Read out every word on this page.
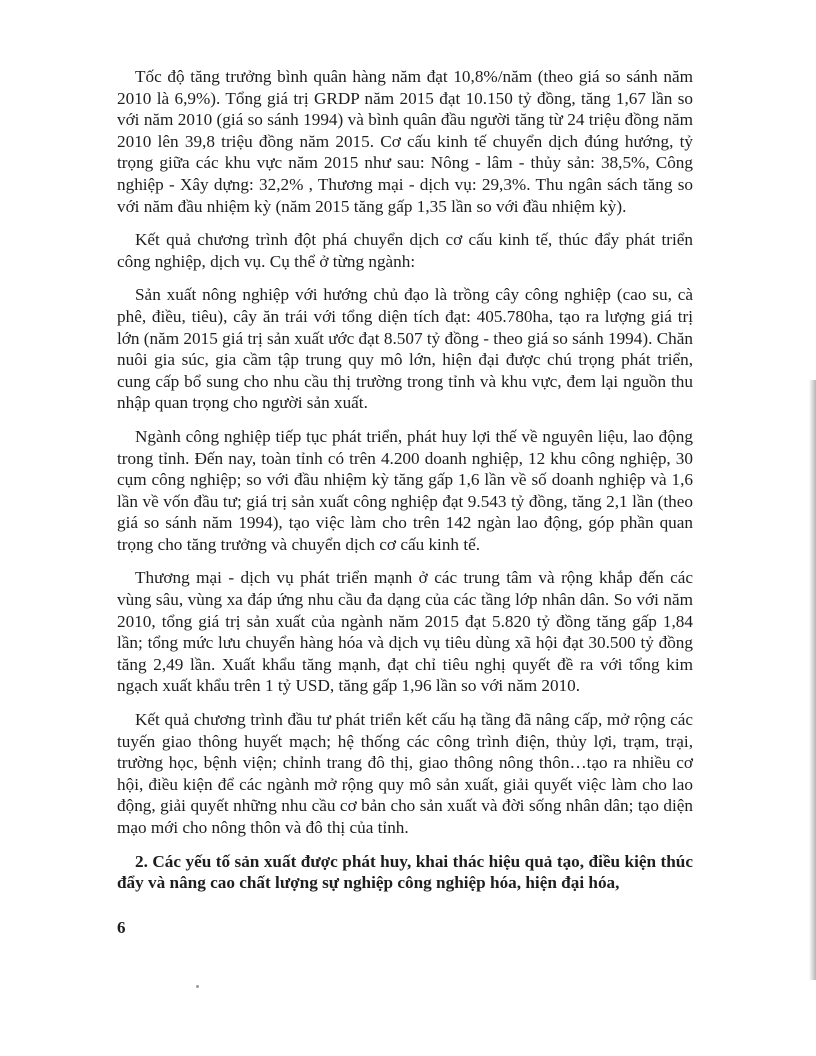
Tốc độ tăng trưởng bình quân hàng năm đạt 10,8%/năm (theo giá so sánh năm 2010 là 6,9%). Tổng giá trị GRDP năm 2015 đạt 10.150 tỷ đồng, tăng 1,67 lần so với năm 2010 (giá so sánh 1994) và bình quân đầu người tăng từ 24 triệu đồng năm 2010 lên 39,8 triệu đồng năm 2015. Cơ cấu kinh tế chuyển dịch đúng hướng, tỷ trọng giữa các khu vực năm 2015 như sau: Nông - lâm - thủy sản: 38,5%, Công nghiệp - Xây dựng: 32,2% , Thương mại - dịch vụ: 29,3%. Thu ngân sách tăng so với năm đầu nhiệm kỳ (năm 2015 tăng gấp 1,35 lần so với đầu nhiệm kỳ).

Kết quả chương trình đột phá chuyển dịch cơ cấu kinh tế, thúc đẩy phát triển công nghiệp, dịch vụ. Cụ thể ở từng ngành:

Sản xuất nông nghiệp với hướng chủ đạo là trồng cây công nghiệp (cao su, cà phê, điều, tiêu), cây ăn trái với tổng diện tích đạt: 405.780ha, tạo ra lượng giá trị lớn (năm 2015 giá trị sản xuất ước đạt 8.507 tỷ đồng - theo giá so sánh 1994). Chăn nuôi gia súc, gia cầm tập trung quy mô lớn, hiện đại được chú trọng phát triển, cung cấp bổ sung cho nhu cầu thị trường trong tỉnh và khu vực, đem lại nguồn thu nhập quan trọng cho người sản xuất.

Ngành công nghiệp tiếp tục phát triển, phát huy lợi thế về nguyên liệu, lao động trong tỉnh. Đến nay, toàn tỉnh có trên 4.200 doanh nghiệp, 12 khu công nghiệp, 30 cụm công nghiệp; so với đầu nhiệm kỳ tăng gấp 1,6 lần về số doanh nghiệp và 1,6 lần về vốn đầu tư; giá trị sản xuất công nghiệp đạt 9.543 tỷ đồng, tăng 2,1 lần (theo giá so sánh năm 1994), tạo việc làm cho trên 142 ngàn lao động, góp phần quan trọng cho tăng trưởng và chuyển dịch cơ cấu kinh tế.

Thương mại - dịch vụ phát triển mạnh ở các trung tâm và rộng khắp đến các vùng sâu, vùng xa đáp ứng nhu cầu đa dạng của các tầng lớp nhân dân. So với năm 2010, tổng giá trị sản xuất của ngành năm 2015 đạt 5.820 tỷ đồng tăng gấp 1,84 lần; tổng mức lưu chuyển hàng hóa và dịch vụ tiêu dùng xã hội đạt 30.500 tỷ đồng tăng 2,49 lần. Xuất khẩu tăng mạnh, đạt chỉ tiêu nghị quyết đề ra với tổng kim ngạch xuất khẩu trên 1 tỷ USD, tăng gấp 1,96 lần so với năm 2010.

Kết quả chương trình đầu tư phát triển kết cấu hạ tầng đã nâng cấp, mở rộng các tuyến giao thông huyết mạch; hệ thống các công trình điện, thủy lợi, trạm, trại, trường học, bệnh viện; chỉnh trang đô thị, giao thông nông thôn…tạo ra nhiều cơ hội, điều kiện để các ngành mở rộng quy mô sản xuất, giải quyết việc làm cho lao động, giải quyết những nhu cầu cơ bản cho sản xuất và đời sống nhân dân; tạo diện mạo mới cho nông thôn và đô thị của tỉnh.

2. Các yếu tố sản xuất được phát huy, khai thác hiệu quả tạo, điều kiện thúc đẩy và nâng cao chất lượng sự nghiệp công nghiệp hóa, hiện đại hóa,

6
